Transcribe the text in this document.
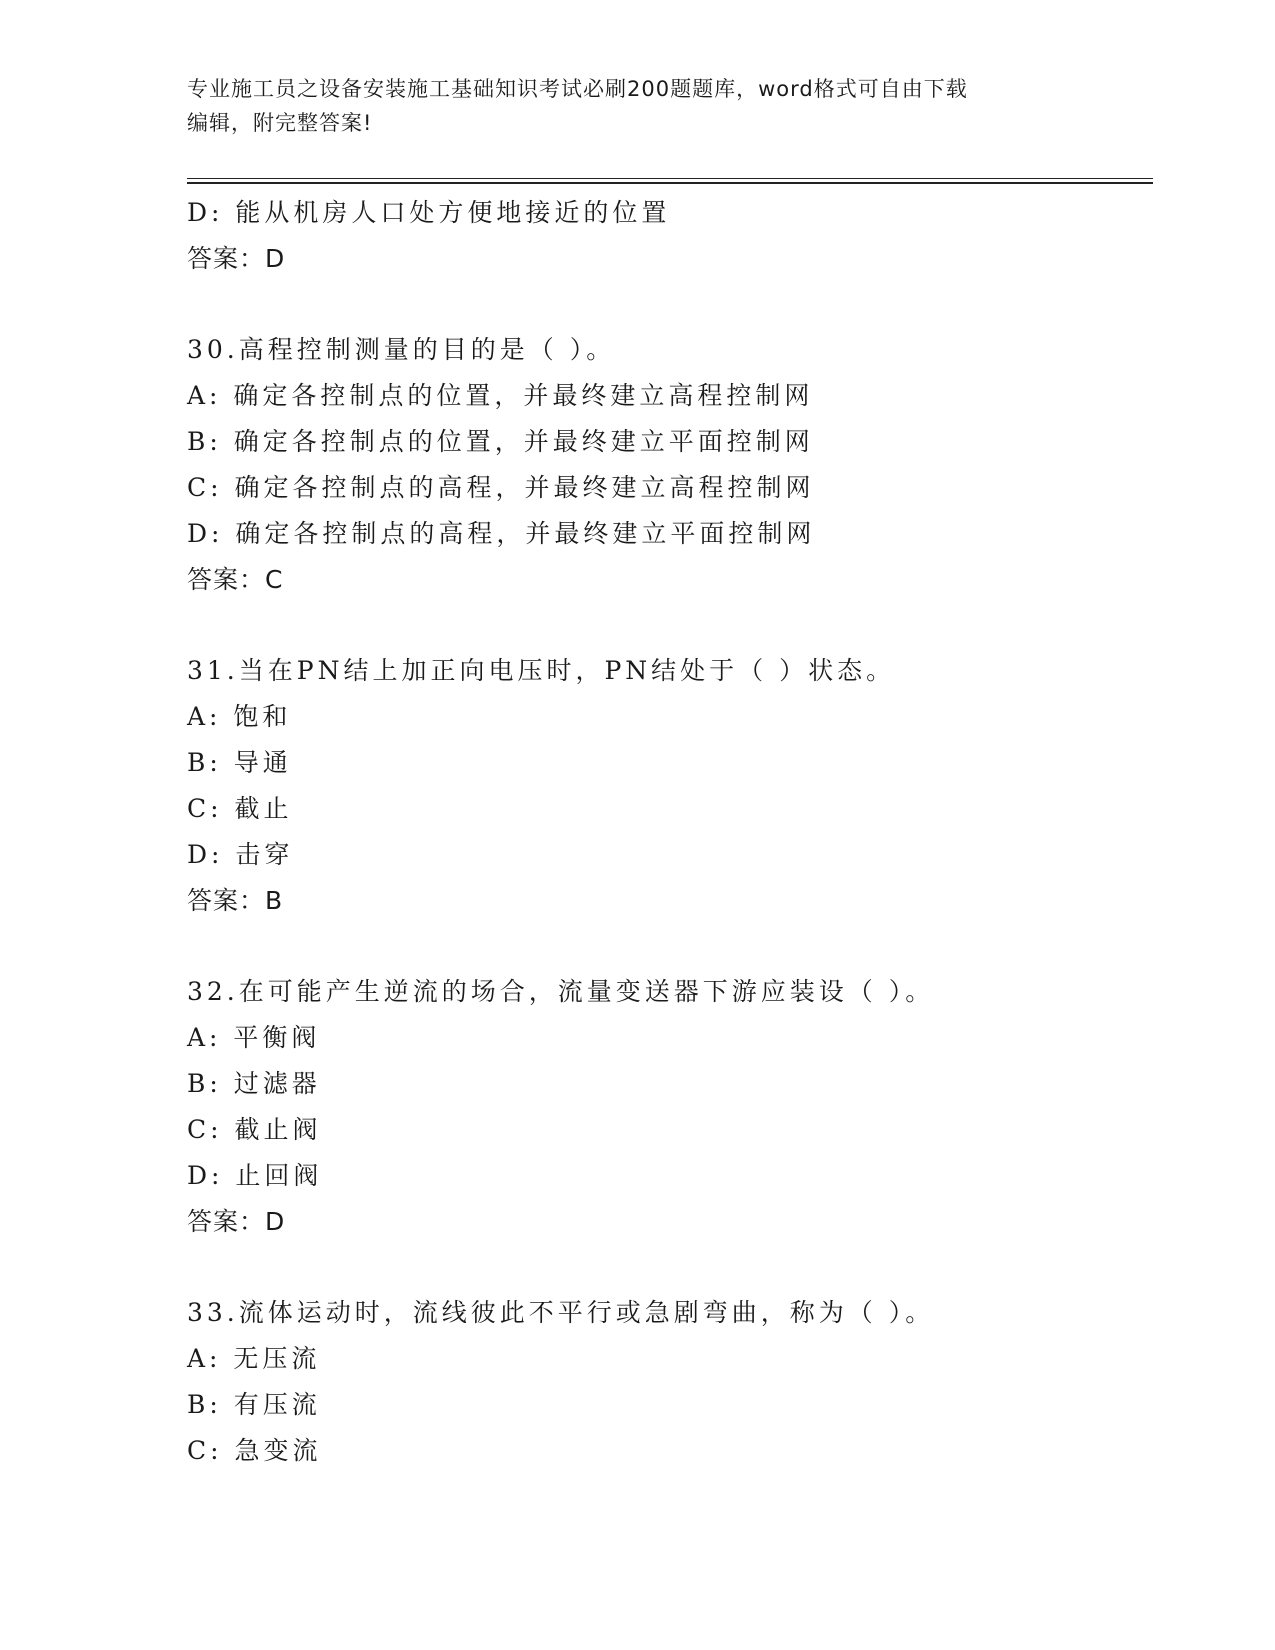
专业施工员之设备安装施工基础知识考试必刷200题题库，word格式可自由下载
编辑，附完整答案!
D: 能从机房人口处方便地接近的位置
答案：D
30.高程控制测量的目的是（ ）。
A: 确定各控制点的位置，并最终建立高程控制网
B: 确定各控制点的位置，并最终建立平面控制网
C: 确定各控制点的高程，并最终建立高程控制网
D: 确定各控制点的高程，并最终建立平面控制网
答案：C
31.当在PN结上加正向电压时，PN结处于（ ）状态。
A: 饱和
B: 导通
C: 截止
D: 击穿
答案：B
32.在可能产生逆流的场合，流量变送器下游应装设（ ）。
A: 平衡阀
B: 过滤器
C: 截止阀
D: 止回阀
答案：D
33.流体运动时，流线彼此不平行或急剧弯曲，称为（ ）。
A: 无压流
B: 有压流
C: 急变流
